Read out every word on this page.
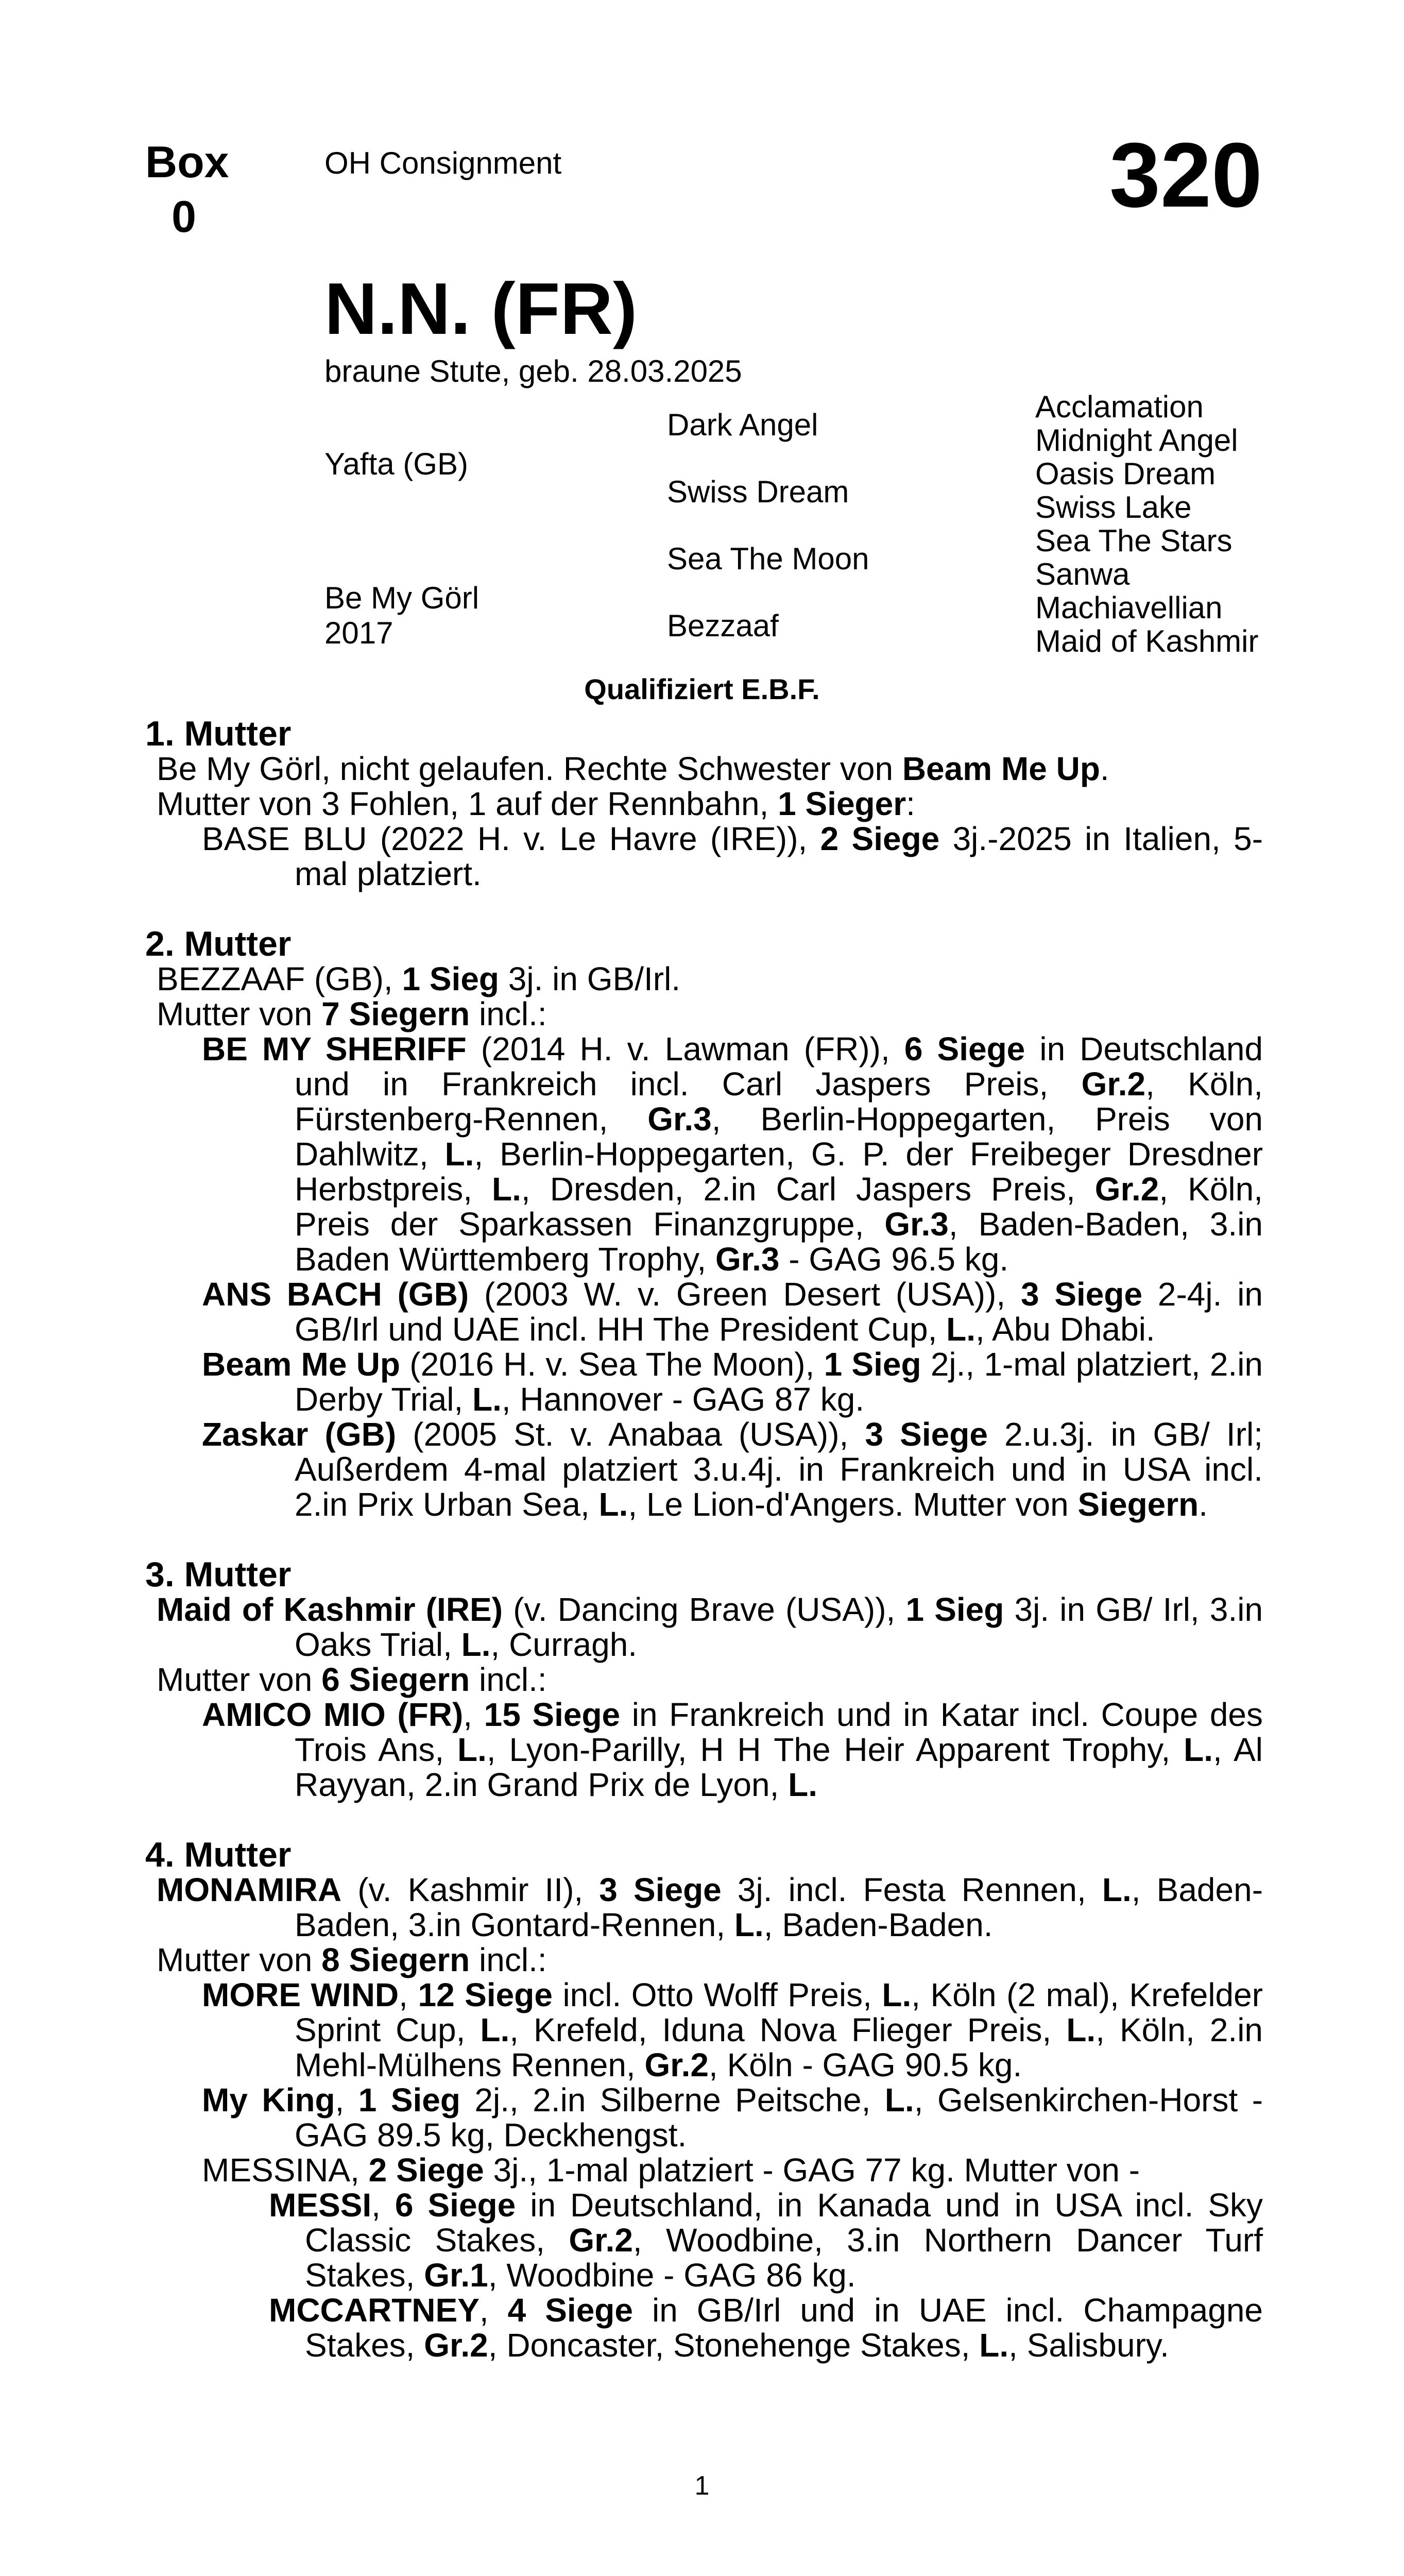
Box
0
OH Consignment	320
N.N. (FR)
braune Stute, geb. 28.03.2025
Yafta (GB)
Be My Görl
2017
Dark Angel
Swiss Dream
Sea The Moon
Bezzaaf
Acclamation
Midnight Angel
Oasis Dream
Swiss Lake
Sea The Stars
Sanwa
Machiavellian
Maid of Kashmir
Qualifiziert E.B.F.
1. Mutter
Be My Görl, nicht gelaufen. Rechte Schwester von Beam Me Up.
Mutter von 3 Fohlen, 1 auf der Rennbahn, 1 Sieger:
BASE BLU (2022 H. v. Le Havre (IRE)), 2 Siege 3j.-2025 in Italien, 5-mal platziert.
2. Mutter
BEZZAAF (GB), 1 Sieg 3j. in GB/Irl.
Mutter von 7 Siegern incl.:
BE MY SHERIFF (2014 H. v. Lawman (FR)), 6 Siege in Deutschland und in Frankreich incl. Carl Jaspers Preis, Gr.2, Köln, Fürstenberg-Rennen, Gr.3, Berlin-Hoppegarten, Preis von Dahlwitz, L., Berlin-Hoppegarten, G. P. der Freibeger Dresdner Herbstpreis, L., Dresden, 2.in Carl Jaspers Preis, Gr.2, Köln, Preis der Sparkassen Finanzgruppe, Gr.3, Baden-Baden, 3.in Baden Württemberg Trophy, Gr.3 - GAG 96.5 kg.
ANS BACH (GB) (2003 W. v. Green Desert (USA)), 3 Siege 2-4j. in GB/Irl und UAE incl. HH The President Cup, L., Abu Dhabi.
Beam Me Up (2016 H. v. Sea The Moon), 1 Sieg 2j., 1-mal platziert, 2.in Derby Trial, L., Hannover - GAG 87 kg.
Zaskar (GB) (2005 St. v. Anabaa (USA)), 3 Siege 2.u.3j. in GB/ Irl; Außerdem 4-mal platziert 3.u.4j. in Frankreich und in USA incl. 2.in Prix Urban Sea, L., Le Lion-d'Angers. Mutter von Siegern.
3. Mutter
Maid of Kashmir (IRE) (v. Dancing Brave (USA)), 1 Sieg 3j. in GB/ Irl, 3.in Oaks Trial, L., Curragh.
Mutter von 6 Siegern incl.:
AMICO MIO (FR), 15 Siege in Frankreich und in Katar incl. Coupe des Trois Ans, L., Lyon-Parilly, H H The Heir Apparent Trophy, L., Al Rayyan, 2.in Grand Prix de Lyon, L.
4. Mutter
MONAMIRA (v. Kashmir II), 3 Siege 3j. incl. Festa Rennen, L., Baden-Baden, 3.in Gontard-Rennen, L., Baden-Baden.
Mutter von 8 Siegern incl.:
MORE WIND, 12 Siege incl. Otto Wolff Preis, L., Köln (2 mal), Krefelder Sprint Cup, L., Krefeld, Iduna Nova Flieger Preis, L., Köln, 2.in Mehl-Mülhens Rennen, Gr.2, Köln - GAG 90.5 kg.
My King, 1 Sieg 2j., 2.in Silberne Peitsche, L., Gelsenkirchen-Horst - GAG 89.5 kg, Deckhengst.
MESSINA, 2 Siege 3j., 1-mal platziert - GAG 77 kg. Mutter von -
MESSI, 6 Siege in Deutschland, in Kanada und in USA incl. Sky Classic Stakes, Gr.2, Woodbine, 3.in Northern Dancer Turf Stakes, Gr.1, Woodbine - GAG 86 kg.
MCCARTNEY, 4 Siege in GB/Irl und in UAE incl. Champagne Stakes, Gr.2, Doncaster, Stonehenge Stakes, L., Salisbury.
1
